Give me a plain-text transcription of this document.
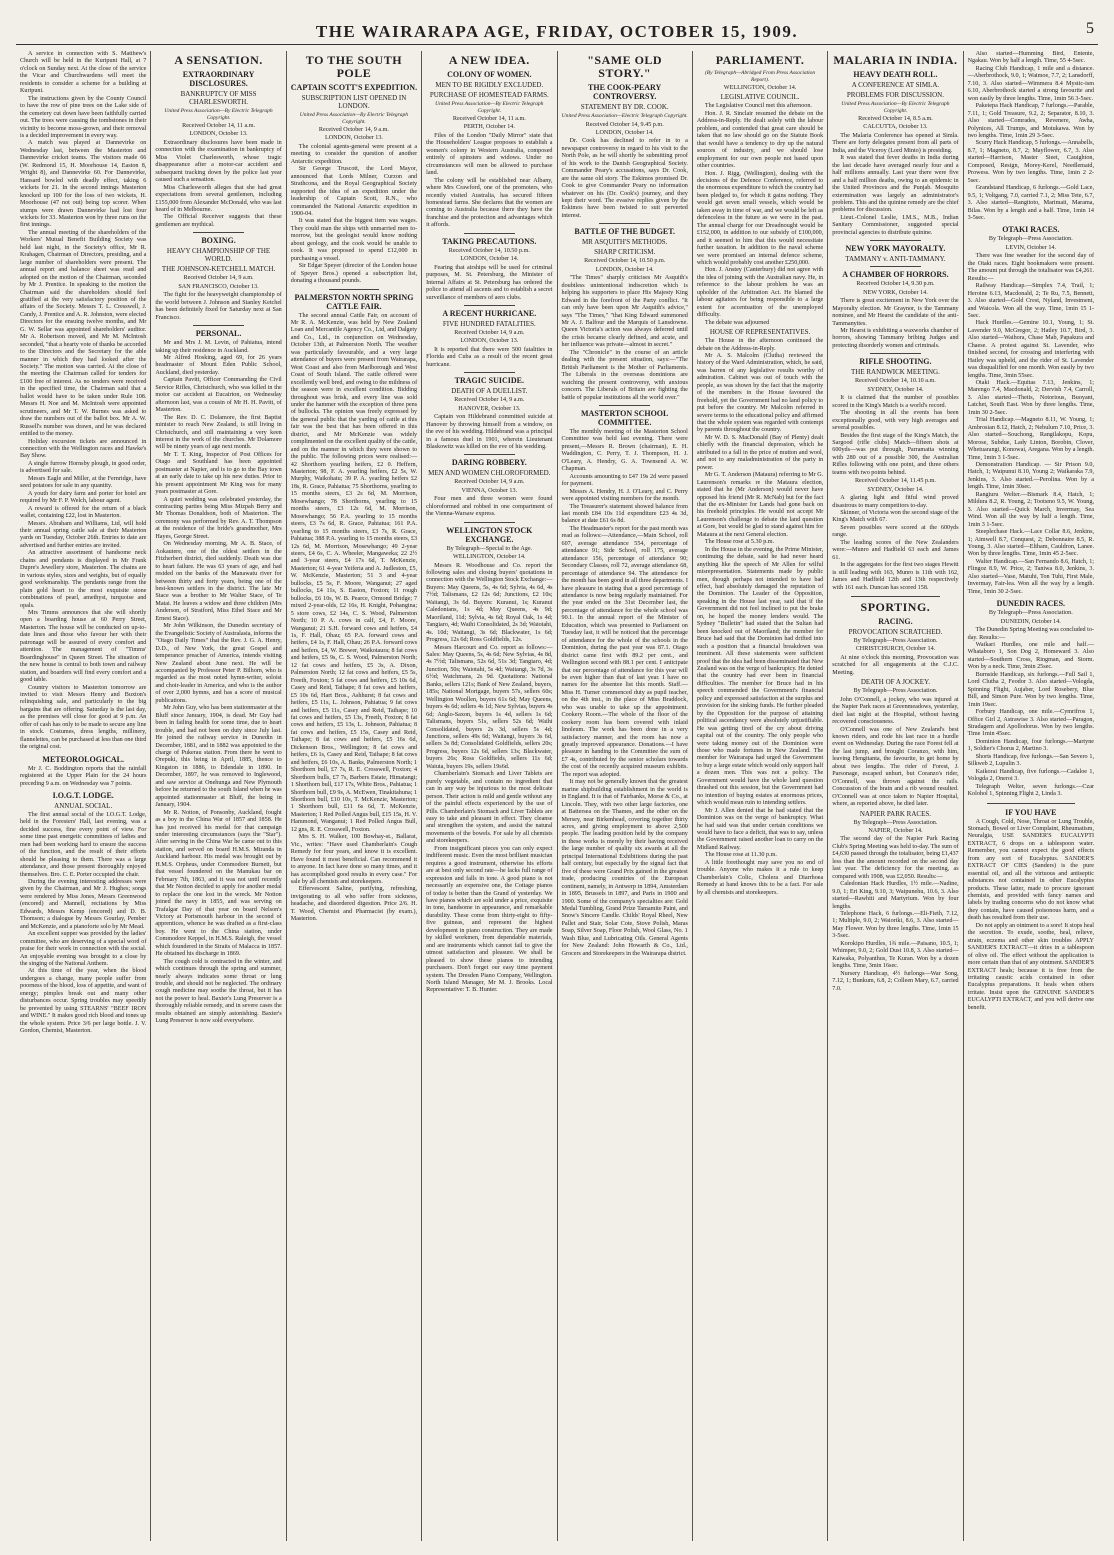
THE WAIRARAPA AGE, FRIDAY, OCTOBER 15, 1909.	5

A service in connection with S. Matthew's Church will be held in the Kuripuni Hall, at 7 o'clock on Sunday next. At the close of the service the Vicar and Churchwardens will meet the residents to consider a scheme for a building at Kuripuni.

The instructions given by the County Council to have the row of pine trees on the Lake side of the cemetery cut down have been faithfully carried out. The trees were causing the tombstones in their vicinity to become moss-grown, and their removal is a decided improvement in every way.

A match was played at Dannevirke on Wednesday last, between the Masterton and Dannevirke cricket teams. The visitors made 66 (W. Redmond 15, H. Moorhouse 14, Easton 8, Wright 8), and Dannevirke 60. For Dannevirke, Hansard bowled with deadly effect, taking 6 wickets for 21. In the second innings Masterton knocked up 100 for the loss of two wickets, H. Moorhouse (47 not out) being top scorer. When stumps were drawn Dannevirke had lost four wickets for 33. Masterton won by three runs on the first innings.

The annual meeting of the shareholders of the Workers' Mutual Benefit Building Society was held last night, in the Society's office, Mr R. Krahagen, Chairman of Directors, presiding, and a large number of shareholders were present. The annual report and balance sheet was read and adopted on the motion of the Chairman, seconded by Mr J. Prentice. In speaking to the motion the Chairman said the shareholders should feel gratified at the very satisfactory position of the affairs of the Society. Messrs T. L. Cresswell, J. Candy, J. Prentice and A. R. Johnston, were elected Directors for the ensuing twelve months, and Mr G. W. Sellar was appointed shareholders' auditor. Mr A. Robertson moved, and Mr M. McIntosh seconded, "that a hearty vote of thanks be accorded to the Directors and the Secretary for the able manner in which they had looked after the Society." The motion was carried. At the close of the meeting the Chairman called for tenders for £100 free of interest. As no tenders were received in the specified time, the Chairman said that a ballot would have to be taken under Rule 108. Messrs H. Noe and M. McIntosh were appointed scrutineers, and Mr T. W. Burnes was asked to draw the numbers out of the ballot box. Mr A. W. Russell's number was drawn, and he was declared entitled to the money.

Holiday excursion tickets are announced in connection with the Wellington races and Hawke's Bay Show.

A single furrow Hornsby plough, in good order, is advertised for sale.

Messrs Eagle and Miller, at the Fernridge, have seed potatoes for sale in any quantity.

A youth for dairy farm and porter for hotel are required by Mr F. P. Welch, labour agent.

A reward is offered for the return of a black wallet, containing £22, lost in Masterton.

Messrs. Abraham and Williams, Ltd, will hold their annual spring cattle sale at their Masterton yards on Tuesday, October 26th. Entries to date are advertised and further entries are invited.

An attractive assortment of handsome neck chains and pendants is displayed in Mr Frank Dupre's Jewellery store, Masterton. The chains are in various styles, sizes and weights, but of equally good workmanship. The pendants range from the plain gold heart to the most exquisite stone combinations of pearl, amethyst, turquoise and opals.

Mrs Timms announces that she will shortly open a boarding house at 60 Perry Street, Masterton. The house will be conducted on up-to-date lines and those who favour her with their patronage will be assured of every comfort and attention. The management of "Timms' Boardinghouse" in Queen Street. The situation of the new house is central to both town and railway station, and boarders will find every comfort and a good table.

Country visitors to Masterton tomorrow are invited to visit Messrs Henry and Buxton's relinquishing sale, and particularly to the big bargains that are offering. Saturday is the last day, as the premises will close for good at 9 p.m. An offer of cash has only to be made to secure any line in stock. Costumes, dress lengths, millinery, flannelettes, can be purchased at less than one third the original cost.

METEOROLOGICAL.

Mr J. C. Boddington reports that the rainfall registered at the Upper Plain for the 24 hours preceding 9 a.m. on Wednesday was 7 points.

I.O.G.T. LODGE.
ANNUAL SOCIAL.

The first annual social of the I.O.G.T. Lodge, held in the Foresters' Hall, last evening, was a decided success, fine every point of view. For some time past energetic committees of ladies and men had been working hard to ensure the success of the function, and the result of their efforts should be pleasing to them. There was a large attendance, and those present thoroughly enjoyed themselves. Bro. C. E. Porter occupied the chair.

During the evening interesting addresses were given by the Chairman, and Mr J. Hughes; songs were rendered by Miss Jones, Messrs Greenwood (encored) and Mannell, recitations by Miss Edwards, Messrs Kemp (encored) and D. B. Thomson; a dialogue by Messrs Gourlay, Pember and McKenzie, and a pianoforte solo by Mr Mead.

An excellent supper was provided by the ladies' committee, who are deserving of a special word of praise for their work in connection with the social. An enjoyable evening was brought to a close by the singing of the National Anthem.

At this time of the year, when the blood undergoes a change, many people suffer from poorness of the blood, loss of appetite, and want of energy; pimples break out and many other disturbances occur. Spring troubles may speedily be prevented by using STEARNS' "BEEF IRON and WINE." It makes good rich blood and tones up the whole system. Price 3/6 per large bottle. J. V. Gordon, Chemist, Masterton.

A SENSATION.
EXTRAORDINARY DISCLOSURES.
BANKRUPTCY OF MISS CHARLESWORTH.
United Press Association—By Electric Telegraph Copyright.
Received October 14, 11 a.m.
LONDON, October 13.

Extraordinary disclosures have been made in connection with the examination in bankruptcy of Miss Violet Charlesworth, whose tragic disappearance after a motor-car accident and subsequent tracking down by the police last year caused such a sensation.

Miss Charlesworth alleges that she had great expectations from several gentlemen, including £155,000 from Alexander McDonald, who was last heard of in Melbourne.

The Official Receiver suggests that these gentlemen are mythical.

BOXING.
HEAVY CHAMPIONSHIP OF THE WORLD.
THE JOHNSON-KETCHELL MATCH.
Received October 14, 9 a.m.
SAN FRANCISCO, October 13.

The fight for the heavyweight championship of the world between J. Johnson and Stanley Ketchel has been definitely fixed for Saturday next at San Francisco.

PERSONAL.

Mr and Mrs J. M. Levin, of Pahiatua, intend taking up their residence in Auckland.

Mr Alfred Hosking, aged 69, for 26 years headmaster of Mount Eden Public School, Auckland, died yesterday.

Captain Pavitt, Officer Commanding the Civil Service Rifles, Christchurch, who was killed in the motor car accident at Eucairton, on Wednesday afternoon last, was a cousin of Mr H. H. Pavitt, of Masterton.

The Rev. D. C. Dolamore, the first Baptist minister to reach New Zealand, is still living in Christchurch, and still maintaining a very keen interest in the work of the churches. Mr Dolamore will be ninety years of age next month.

Mr T. T. King, Inspector of Post Offices for Otago and Southland has been appointed postmaster at Napier, and is to go to the Bay town at an early date to take up his new duties. Prior to his present appointment Mr King was for many years postmaster at Gore.

A quiet wedding was celebrated yesterday, the contracting parties being Miss Mizpah Berry and Mr Thomas Donaldson, both of Masterton. The ceremony was performed by Rev. A. T. Thompson at the residence of the bride's grandmother, Mrs Hayes, George Street.

On Wednesday morning, Mr A. B. Stace, of Aokautere, one of the oldest settlers in the Fitzherbert district, died suddenly. Death was due to heart failure. He was 63 years of age, and had resided on the banks of the Manawatu river for between thirty and forty years, being one of the best-known settlers in the district. The late Mr Stace was a brother to Mr Walter Stace, of Te Matai. He leaves a widow and three children (Mrs Anderson, of Stratford, Miss Ethel Stace and Mr Ernest Stace).

Mr John Wilkinson, the Dunedin secretary of the Evangelistic Society of Australasia, informs the "Otago Daily Times" that the Rev. J. G. A. Henry, D.D., of New York, the great Gospel and temperance preacher of America, intends visiting New Zealand about June next. He will be accompanied by Professor Peter P. Bilhorn, who is regarded as the most noted hymn-writer, soloist and choir-leader in America, and who is the author of over 2,000 hymns, and has a score of musical publications.

Mr John Guy, who has been stationmaster at the Bluff since January, 1904, is dead. Mr Guy had been in failing health for some time, due to heart trouble, and had not been on duty since July last. He joined the railway service in Dunedin in December, 1881, and in 1882 was appointed to the charge of Pukerau station. From there he went to Orepuki, this being in April, 1885, thence to Kingston in 1886, to Edendale in 1890. In December, 1897, he was removed to Inglewood, and saw service at Onehunga and New Plymouth before he returned to the south Island when he was appointed stationmaster at Bluff, the being in January, 1904.

Mr R. Notton, of Ponsonby, Auckland, fought as a boy in the China War of 1857 and 1858. He has just received his medal for that campaign under interesting circumstances (says the "Star"). After serving in the China War he came out to this station, and served on board H.M.S. Miranda in Auckland harbour. His medal was brought out by H.M.S. Orpheus, under Commodore Burnett, but that vessel foundered on the Manukau bar on February 7th, 1863, and it was not until recently that Mr Notton decided to apply for another medal to replace the one lost in the wreck. Mr Notton joined the navy in 1855, and was serving on Trafalgar Day of that year on board Nelson's Victory at Portsmouth harbour in the second of apprentices, whence he was drafted as a first-class boy. He went to the China station, under Commodore Keppel, in H.M.S. Raleigh, the vessel which foundered in the Straits of Malacca in 1857. He obtained his discharge in 1869.

The cough cold is contracted in the winter, and which continues through the spring and summer, nearly always indicates some throat or lung trouble, and should not be neglected. The ordinary cough medicine may soothe the throat, but it has not the power to heal. Baxter's Lung Preserver is a thoroughly reliable remedy, and in severe cases the results obtained are simply astonishing. Baxter's Lung Preserver is now sold everywhere.

TO THE SOUTH POLE
CAPTAIN SCOTT'S EXPEDITION.
SUBSCRIPTION LIST OPENED IN LONDON.
United Press Association—By Electric Telegraph Copyright.
Received October 14, 9 a.m.
LONDON, October 13.

The colonial agents-general were present at a meeting to consider the question of another Antarctic expedition.

Sir George Truscott, the Lord Mayor, announced that Lords Milner, Curzon and Strathcona, and the Royal Geographical Society supported the idea of an expedition under the leadership of Captain Scott, R.N., who commanded the National Antarctic expedition in 1900-04.

It was stated that the biggest item was wages. They could man the ships with unmarried men to-morrow, but the geologist would know nothing about geology, and the cook would be unable to cook. It was proposed to spend £12,000 in purchasing a vessel.

Sir Edgar Speyer (director of the London house of Speyer Bros.) opened a subscription list, donating a thousand pounds.

PALMERSTON NORTH SPRING CATTLE FAIR.

The second annual Cattle Fair, on account of Mr R. A. McKenzie, was held by New Zealand Loan and Mercantile Agency Co., Ltd, and Dalgety and Co., Ltd., in conjunction on Wednesday, October 13th, at Palmerston North. The weather was particularly favourable, and a very large attendance of buyers were present from Wairarapa, West Coast and also from Marlborough and West Coast of South Island. The cattle offered were excellently well bred, and owing to the mildness of the season were in excellent condition. Bidding throughout was brisk, and every line was sold under the hammer with the exception of three pens of bullocks. The opinion was freely expressed by the general public that the yarding of cattle at this fair was the best that has been offered in this district, and Mr McKenzie was widely complimented on the excellent quality of the cattle, and on the manner in which they were shown to the public. The following prices were realised:—42 Shorthorn yearling heifers, £2 0. Heffern, Masterton; 98, F. A. yearling heifers, £2 5s, W. Murphy, Waikohatu; 39 P. A. yearling heifers £2 18s, R. Grace, Pahiatua; 75 Shorthorns, yearling to 15 months steers, £3 2s 6d, M. Morrison, Mosewhango; 78 Shorthorns, yearling to 15 months steers, £3 12s 6d, M. Morrison, Mosewhango; 56 P.A. yearling to 15 months steers, £3 7s 6d, R. Grace, Pahiatua; 161 P.A. yearling to 15 months steers, £3 7s, R. Grace, Pahiatua; 388 P.A. yearling to 15 months steers, £3 12s 6d, M. Morrison, Mosewhango; 49 2-year steers, £4 6s, C. A. Wheeler, Mangaweka; 22 2½ and 3-year steers, £4 17s 6d, T. McKenzie, Masterton; 61 4-year Yeiferia and A. Judleston, £5, W. McKenzie, Masterton; 51 3 and 4-year bullocks, £5 5s, F. Moore, Wanganui; 27 aged bullocks, £4 11s, S. Easton, Foxton; 11 rough bullocks, £6 10s, W. B. Pearce, Ormond Bridge; 7 mixed 2-year-olds, £2 16s, H. Knight, Pohangina; 5 store cows, £2 14s, C. S. Wood, Palmerston North; 10 P. A. cows in calf, £4, F. Moore, Wanganui; 21 S.H. forward cows and heifers, £4 1s, F. Hall, Ohau; 65 P.A. forward cows and heifers, £4 1s, F. Hall, Ohau; 26 P.A. forward cows and heifers, £4, W. Brewer, Waikotaura; 8 fat cows and heifers, £5 9s, C. S. Wood, Palmerston North; 12 fat cows and heifers, £5 3s, A. Dixon, Palmerston North; 12 fat cows and heifers, £5 5s, Freeth, Foxton; 5 fat cows and heifers, £5 10s 6d, Casey and Reid, Taihape; 8 fat cows and heifers, £5 10s 6d, Hart Bros., Ashhurst; 8 fat cows and heifers, £5 11s, L. Johnson, Pahiatua; 9 fat cows and heifers, £5 11s, Casey and Reid, Taihape; 10 fat cows and heifers, £5 13s, Freeth, Foxton; 8 fat cows and heifers, £5 13s, L. Johnson, Pahiatua; 8 fat cows and heifers, £5 15s, Casey and Reid, Taihape; 8 fat cows and heifers, £5 16s 6d, Dickenson Bros., Wellington; 8 fat cows and heifers, £6 1s, Casey and Reid, Taihape; 8 fat cows and heifers, £6 10s, A. Banks, Palmerston North; 1 Shorthorn bull, £7 7s, R. E. Crosswell, Foxton; 4 Shorthorn bulls, £7 7s, Barbers Estate, Himatangi; 1 Shorthorn bull, £17 17s, White Bros., Pahiatua; 1 Shorthorn bull, £9 9s, A. McEwen, Tinakitahuna; 1 Shorthorn bull, £10 10s, T. McKenzie, Masterton; 1 Shorthorn bull, £11 6s 6d, T. McKenzie, Masterton; 1 Red Polled Angus bull, £15 15s, H. V. Hammond, Wanganui; 1 Red Polled Angus Bull, 12 gns, R. E. Crosswell, Foxton.

Mrs S. H. Walker, 100 Bowhay-st., Ballarat, Vic., writes: "Have used Chamberlain's Cough Remedy for four years, and know it is excellent. Have found it most beneficial. Can recommend it to anyone. In fact have done so many times, and it has accomplished good results in every case." For sale by all chemists and storekeepers.

Effervescent Saline, purifying, refreshing, invigorating to all who suffer from sickness, headache, and disordered digestion. Price 2/6. H. T. Wood, Chemist and Pharmacist (by exam.), Masterton.

A NEW IDEA.
COLONY OF WOMEN.
MEN TO BE RIGIDLY EXCLUDED.
PURCHASE OF HOMESTEAD FARMS.
United Press Association—By Electric Telegraph Copyright.
Received October 14, 11 a.m.
PERTH, October 14.

Files of the London "Daily Mirror" state that the Householders' League proposes to establish a women's colony in Western Australia, composed entirely of spinsters and widows. Under no circumstances will men be allowed to purchase land.

The colony will be established near Albany, where Mrs Crawford, one of the promoters, who recently visited Australia, has secured fifteen homestead farms. She declares that the women are coming to Australia because there they have the franchise and the protection and advantages which it affords.

TAKING PRECAUTIONS.
Received October 14, 10.50 p.m.
LONDON, October 14.

Fearing that airships will be used for criminal purposes, M. St. Petersburg, the Minister of Internal Affairs at St. Petersburg has ordered the police to attend all ascents and to establish a secret surveillance of members of aero clubs.

A RECENT HURRICANE.
FIVE HUNDRED FATALITIES.
Received October 14, 9 a.m.
LONDON, October 13.

It is reported that there were 500 fatalities in Florida and Cuba as a result of the recent great hurricane.

TRAGIC SUICIDE.
DEATH OF A DUELLIST.
Received October 14, 9 a.m.
HANOVER, October 13.

Captain von Hildebrand committed suicide at Hanover by throwing himself from a window, on the eve of his wedding. Hildebrand was a principal in a famous duel in 1901, wherein Lieutenant Blaskowitz was killed on the eve of his wedding.

DARING ROBBERY.
MEN AND WOMEN CHLOROFORMED.
Received October 14, 9 a.m.
VIENNA, October 13.

Four men and three women were found chloroformed and robbed in one compartment of the Vienna-Warsaw express.

WELLINGTON STOCK EXCHANGE.
By Telegraph—Special to the Age.
WELLINGTON, October 14.

Messrs R. Woodhouse and Co. report the following sales and closing buyers' quotations in connection with the Wellington Stock Exchange:—Buyers: May Queens, 5s, 4s 6d; Sylvia, 4s 6d, 4s 7½d; Talismans, £2 12s 6d; Junctions, £2 10s; Waitangi, 3s 6d. Buyers: Kuranui, 1s; Kuranui Caledonians, 1s 4d; May Queens, 4s 9d; Maoriland, 11d; Sylvia, 4s 6d; Royal Oak, 1s 4d; Tangiaro, 4d; Waihi Consolidated, 2s 3d; Waiotahi, 4s. 10d; Waitangi, 3s 6d; Blackwater, 1s 6d; Progress, 12s 6d; Ross Goldfields, 12s.

Messrs Harcourt and Co. report as follows:—Sales: May Queens, 5s, 4s 6d; New Sylvias, 4s 8d, 4s 7½d; Talismans, 52s 6d, 51s 3d; Tangiaro, 4d; Junction, 50s; Waiotahi, 5s 4d; Waitangi, 3s 7d, 3s 6½d; Watchmans, 2s 9d. Quotations: National Banks, sellers 121s; Bank of New Zealand, buyers, 185s; National Mortgage, buyers 57s, sellers 60s; Wellington Woollen, buyers 61s 6d; May Queens, buyers 4s 6d; sellers 4s 1d; New Sylvias, buyers 4s 6d; Anglo-Saxon, buyers 1s 4d, sellers 1s 6d; Talismans, buyers 51s, sellers 52s 6d; Waihi Consolidated, buyers 2s 3d, sellers 5s 4d; Junctions, sellers 49s 6d; Waitangi, buyers 3s 6d, sellers 3s 8d; Consolidated Goldfields, sellers 20s; Progress, buyers 12s 6d, sellers 13s; Blackwater, buyers 26s; Ross Goldfields, sellers 11s 6d; Waiuta, buyers 19s, sellers 19s6d.

Chamberlain's Stomach and Liver Tablets are purely vegetable, and contain no ingredient that can in any way be injurious to the most delicate person. Their action is mild and gentle without any of the painful effects experienced by the use of Pills. Chamberlain's Stomach and Liver Tablets are easy to take and pleasant in effect. They cleanse and strengthen the system, and assist the natural movements of the bowels. For sale by all chemists and storekeepers.

From insignificant pieces you can only expect indifferent music. Even the most brilliant musician requires a good instrument, otherwise his efforts are at best only second rate—he lacks full range of expression and falls in tone. A good piano is not necessarily an expensive one, the Cottage pianos of today is better than the Grand of yesterday. We have pianos which are sold under a price, exquisite in tone, handsome in appearance, and remarkable durability. These come from thirty-eight to fifty-five guineas, and represent the highest development in piano construction. They are made by skilled workmen, from dependable materials, and are instruments which cannot fail to give the utmost satisfaction and pleasure. We shall be pleased to show these pianos to intending purchasers. Don't forget our easy time payment system. The Dresden Piano Company, Wellington. North Island Manager, Mr M. J. Brooks. Local Representative: T. B. Hunter.

"SAME OLD STORY."
THE COOK-PEARY CONTROVERSY.
STATEMENT BY DR. COOK.
United Press Association—Electric Telegraph Copyright.
Received October 14, 9.45 p.m.
LONDON, October 14.

Dr. Cook has declined to refer in to a newspaper controversy in regard to his visit to the North Pole, as he will shortly be submitting proof of his work to the Danish Geographical Society. Commander Peary's accusations, says Dr. Cook, are the same old story. The Eskimos promised Dr. Cook to give Commander Peary no information whatever on his (Dr. Cook's) journey, and they kept their word. The evasive replies given by the Eskimos have been twisted to suit perverted interest.

BATTLE OF THE BUDGET.
MR ASQUITH'S METHODS.
SHARP CRITICISM.
Received October 14, 10.50 p.m.
LONDON, October 14.

"The Times" sharply criticises Mr Asquith's doubtless unintentional indiscretion which is helping his supporters to place His Majesty King Edward in the forefront of the Party conflict. "It can only have been upon Mr Asquith's advice," says "The Times," "that King Edward summoned Mr A. J. Balfour and the Marquis of Lansdowne. Queen Victoria's action was always deferred until the crisis became clearly defined, and acute, and her influence was private—almost in secret."

The "Chronicle" in the course of an article dealing with the present situation, says:—"The British Parliament is the Mother of Parliaments. The Liberals in the overseas dominions are watching the present controversy, with anxious concern. The Liberals of Britain are fighting the battle of popular institutions all the world over."

MASTERTON SCHOOL COMMITTEE.

The monthly meeting of the Masterton School Committee was held last evening. There were present,—Messrs R. Brown (chairman), E. H. Waddington, C. Perry, T. J. Thompson, H. J. O'Leary, A. Hendry, G. A. Townsend A. W. Chapman.

Accounts amounting to £47 19s 2d were passed for payment.

Messrs A. Hendry, H. J. O'Leary, and C. Perry were appointed visiting members for the month.

The Treasurer's statement showed balance from last month £84 10s 11d expenditure £23 4s 3d, balance at date £61 6s 8d.

The Headmaster's report for the past month was read as follows:—Attendance,—Main School, roll 607, average attendance 554, percentage of attendance 91; Side School, roll 175, average attendance 156, percentage of attendance 90; Secondary Classes, roll 72, average attendance 68, percentage of attendance 94. The attendance for the month has been good in all three departments. I have pleasure in stating that a good percentage of attendance is now being regularly maintained. For the year ended on the 31st December last, the percentage of attendance for the whole school was 90.1. In the annual report of the Minister of Education, which was presented to Parliament on Tuesday last, it will be noticed that the percentage of attendance for the whole of the schools in the Dominion, during the past year was 87.1. Otago district came first with 89.2 per cent., and Wellington second with 88.1 per cent. I anticipate that our percentage of attendance for this year will be even higher than that of last year. I have no names for the absentee list this month. Staff.—Miss H. Turner commenced duty as pupil teacher, on the 4th inst., in the place of Miss Braddock, who was unable to take up the appointment. Cookery Room.—The whole of the floor of the cookery room has been covered with inlaid linoleum. The work has been done in a very satisfactory manner, and the room has now a greatly improved appearance. Donations.—I have pleasure in handing to the Committee the sum of £7 4s, contributed by the senior scholars towards the cost of the recently acquired museum exhibits. The report was adopted.

It may not be generally known that the greatest marine shipbuilding establishment in the world is in England. It is that of Fairbanks, Morse & Co., at Lincoln. They, with two other large factories, one at Battersea on the Thames, and the other on the Mersey, near Birkenhead, covering together thirty acres, and giving employment to above 2,500 people. The leading position held by the company in these works is merely by their having received the large number of quality six awards at all the principal International Exhibitions during the past half century, but especially by the signal fact that five of these were Grand Prix gained in the greatest trade, producing countries of the European continent, namely, in Antwerp in 1894, Amsterdam in 1895, Brussels in 1897, and Paris in 1900 and 1900. Some of the company's specialties are: Gold Medal Tumbling, Grand Prize Tamamite Paint, and Snow's Sincere Candle. Childs' Royal Rheel, New Pallet and Stair, Solar Cote, Stove Polish, Maras Soap, Silver Soap, Floor Polish, Wool Glass, No. 1 Wash Blue, and Lubricating Oils. General Agents for New Zealand: John Howarth & Co., Ltd., Grocers and Storekeepers in the Wairarapa district.

PARLIAMENT.
(By Telegraph—Abridged From Press Association Report).
WELLINGTON, October 14.
LEGISLATIVE COUNCIL.

The Legislative Council met this afternoon.

Hon. J. R. Sinclair resumed the debate on the Address-in-Reply. He dealt solely with the labour problem, and contended that great care should be taken that no law should go on the Statute Book that would have a tendency to dry up the natural sources of industry, and we should lose employment for our own people not based upon other countries.

Hon. J. Rigg, (Wellington), dealing with the decisions of the Defence Conference, referred to the enormous expenditure to which the country had been pledged to, for which it gains nothing. They would get seven small vessels, which would be taken away in time of war, and we would be left as defenceless in the future as we were in the past. The annual charge for our Dreadnought would be £152,000, in addition to our subsidy of £100,000, and it seemed to him that this would necessitate further taxation. In addition to the naval scheme we were promised an internal defence scheme, which would probably cost another £250,000.

Hon. J. Anstey (Canterbury) did not agree with the idea of joining with the Australian navy. He, in reference to the labour problem he was an upholder of the Arbitration Act. He blamed the labour agitators for being responsible to a large extent for accentuation of the unemployed difficulty.

The debate was adjourned

HOUSE OF REPRESENTATIVES.

The House in the afternoon continued the debate on the Address-in-Reply.

Mr A. S. Malcolm (Clutha) reviewed the history of the Ward Administration, which, he said, was barren of any legislative results worthy of admiration. Cabinet was out of touch with the people, as was shown by the fact that the majority of the members in the House favoured the freehold, yet the Government had no land policy to put before the country. Mr Malcolm referred in severe terms to the educational policy and affirmed that the whole system was regarded with contempt by parents throughout the country.

Mr W. D. S. MacDonald (Bay of Plenty) dealt chiefly with the financial depression, which he attributed to a fall in the price of mutton and wool, and not to any maladministration of the party in power.

Mr G. T. Anderson (Mataura) referring to Mr G. Laurenson's remarks re the Mataura election, stated that he (Mr Anderson) would never have opposed his friend (Mr R. McNab) but for the fact that the ex-Minister for Lands had gone back on his freehold principles. He would not accept Mr Laurenson's challenge to debate the land question at Gore, but would be glad to stand against him for Mataura at the next General election.

The House rose at 5.30 p.m.

In the House in the evening, the Prime Minister, continuing the debate, said he had never heard anything like the speech of Mr Allen for wilful misrepresentation. Statements made by public men, though perhaps not intended to have bad effect, had absolutely damaged the reputation of the Dominion. The Leader of the Opposition, speaking in the House last year, said that if the Government did not feel inclined to put the brake on, he hoped the money lenders would. The Sydney "Bulletin" had stated that the Sultan had been knocked out of Maoriland; the member for Bruce had said that the Dominion had drifted into such a position that a financial breakdown was imminent. All these statements were sufficient proof that the idea had been disseminated that New Zealand was on the verge of bankruptcy. He denied that the country had ever been in financial difficulties. The member for Bruce had in his speech commended the Government's financial policy and expressed satisfaction at the surplus and provision for the sinking funds. He further pleaded by the Opposition for the purpose of attaining political ascendancy were absolutely unjustifiable. He was getting tired of the cry about driving capital out of the country. The only people who were taking money out of the Dominion were those who made fortunes in New Zealand. The member for Wairarapa had urged the Government to buy a large estate which would only support half a dozen men. This was not a policy. The Government would have the whole land question thrashed out this session, but the Government had no intention of buying estates at enormous prices, which would mean ruin to intending settlers.

Mr J. Allen denied that he had stated that the Dominion was on the verge of bankruptcy. What he had said was that under certain conditions we would have to face a deficit, that was to say, unless the Government raised another loan to carry on the Midland Railway.

The House rose at 11.30 p.m.

A little forethought may save you no end of trouble. Anyone who makes it a rule to keep Chamberlain's Colic, Cholera and Diarrhoea Remedy at hand knows this to be a fact. For sale by all chemists and storekeepers.

MALARIA IN INDIA.
HEAVY DEATH ROLL.
A CONFERENCE AT SIMLA.
PROBLEMS FOR DISCUSSION.
United Press Association—By Electric Telegraph Copyright.
Received October 14, 8.5 a.m.
CALCUTTA, October 13.

The Malaria Conference has opened at Simla. There are forty delegates present from all parts of India, and the Viceroy (Lord Minto) is presiding.

It was stated that fever deaths in India during the last decade have averaged nearly four and a half millions annually. Last year there were five and a half million deaths, owing to an epidemic in the United Provinces and the Punjab. Mosquito extermination was largely an administrator's problem. This and the quinine remedy are the chief problems for discussion.

Lieut.-Colonel Leslie, I.M.S., M.B., Indian Sanitary Commissioner, suggested special provincial agencies to distribute quinine.

NEW YORK MAYORALTY.
TAMMANY v. ANTI-TAMMANY.
A CHAMBER OF HORRORS.
Received October 14, 9.30 p.m.
NEW YORK, October 14.

There is great excitement in New York over the Mayoralty election. Mr Graynor, is the Tammany nominee, and Mr Hearst the candidate of the anti-Tammanyites.

Mr Hearst is exhibiting a waxworks chamber of horrors, showing Tammany bribing Judges and protecting disorderly women and criminals.

RIFLE SHOOTING.
THE RANDWICK MEETING.
Received October 14, 10.10 a.m.
SYDNEY, October 14.

It is claimed that the number of possibles scored in the King's Match is a world's record.

The shooting in all the events has been exceptionally good, with very high averages and several possibles.

Besides the first stage of the King's Match, the Sargood (rifle clubs) Match—fifteen shots at 600yds—was put through, Parramatta winning with 280 out of a possible 300, the Australian Rifles following with one point, and three others teams with two points behind.

Received October 14, 11.45 p.m.
SYDNEY, October 14.

A glaring light and fitful wind proved disastrous to many competitors to-day.

Skinner, of Victoria won the second stage of the King's Match with 67.

Seven possibles were scored at the 600yds range.

The leading scores of the New Zealanders were:—Munro and Hadfield 63 each and James 61.

In the aggregates for the first two stages Hewitt is still leading with 163, Munro is 11th with 162, James and Hadfield 12th and 13th respectively with 161 each. Duncan has scored 158.

SPORTING.
RACING.
PROVOCATION SCRATCHED.
By Telegraph—Press Association.
CHRISTCHURCH, October 14.

At nine o'clock this morning, Provocation was scratched for all engagements at the C.J.C. Meeting.

DEATH OF A JOCKEY.
By Telegraph—Press Association.

John O'Connell, a jockey, who was injured at the Napier Park races at Greenmeadows, yesterday, died last night at the Hospital, without having recovered consciousness.

O'Connell was one of New Zealand's best known riders, and rode his last race in a hurdle event on Wednesday. During the race Forest fell at the last jump, and brought Coranzo, with him, leaving Hengitanta, the favourite, to get home by about two lengths. The rider of Forest, J. Parsonage, escaped unhurt, but Coranzo's rider, O'Connell, was thrown against the rails. Concussion of the brain and a rib wound resulted. O'Connell was at once taken to Napier Hospital, where, as reported above, he died later.

NAPIER PARK RACES.
By Telegraph—Press Association.
NAPIER, October 14.

The second day of the Napier Park Racing Club's Spring Meeting was held to-day. The sum of £4,630 passed through the totalisator, being £1,437 less than the amount recorded on the second day last year. The deficiency for the meeting, as compared with 1908, was £2,050. Results:—

Caledonian Hack Hurdles, 1½ mile.—Nadine, 9.0, 1; Eri King, 9.10, 3; Waipunehu, 10.6, 3. Also started—Rawhiti and Martyrium. Won by four lengths.

Telephone Hack, 6 furlongs.—Eli-Fieth, 7.12, 1; Multiple, 9.0, 2; Waioriki, 8.6, 3. Also started—May Flower. Won by three lengths. Time, 1min 15 3-5sec.

Korokipo Hurdles, 1¾ mile.—Paisano, 10.5, 1; Whimper, 9.0, 2; Gold Dust 10.8, 3. Also started—Kaiwaka, Polyanthus, Te Kuran. Won by a dozen lengths. Time, 3min 16sec.

Nursery Handicap, 4½ furlongs—War Song, 7.12, 1; Bunkum, 6.8, 2; Colleen Mary, 6.7, carried 7.0.

Also started—Humming Bird, Entente, Ngakau. Won by half a length. Time, 55 4-5sec.

Racing Club Handicap, 1 mile and a distance.—Aberbrothock, 9.0, 1; Waimoe, 7.7, 2; Lansdorff, 7.10, 3. Also started—Wimmera 8.4 Mystic-ism 6.10, Aberbrothock started a strong favourite and won easily by three lengths. Time, 1min 56 3-5sec.

Pakeiepa Hack Handicap, 7 furlongs.—Parable, 7.11, 1; Gold Treasure, 9.2, 2; Separator, 8.10, 3. Also started—Comrades, Revenere, Awha, Polynices, All Trumps, and Motukawa. Won by two lengths. Time, 1min 29 3-5sec.

Scurry Hack Handicap, 5 furlongs.—Annabells, 8.7, 1; Magneto, 8.7, 2; Mayflower, 6.7, 3. Also started—Harrison, Master Sieet, Cauighton, Composed, Resign, Morey-Kerel, Needlemaid, Prowess. Won by two lengths. Time, 1min 2 2-5sec.

Grandstand Handicap, 6 furlongs.—Gold Lace, 9.5, 1; Voltgang, 7.0, carried 7.1, 2; Miss Tete, 6.7, 3. Also started—Rangitoto, Marimaii, Marama, Bilas. Won by a length and a half. Time, 1min 14 3-5sec.

OTAKI RACES.
By Telegraph—Press Association.
LEVIN, October 14.

There was fine weather for the second day of the Otaki races. Eight bookmakers were present. The amount put through the totalisator was £4,261. Results:—

Railway Handicap.—Simplex 7.4, Trail, 1; Heroine 6.13, Macdonald, 2; Te Ru, 7.5, Bennett, 3. Also started—Gold Crest, Nyland, Investment, and Waicola. Won all the way. Time, 1min 15 1-5sec.

Hack Hurdles.—Gemine 10.1, Young, 1; St. Lavender 9.0, McGregor, 2; Hatley 10.7, Bird, 3. Also started—Waihora, Chase Mab, Papakura and Chaese. A protest against St. Lavender, who finished second, for crossing and interfering with Hatley was upheld, and the rider of St. Lavender was disqualified for one month. Won easily by two lengths. Time, 3min 55sec.

Otaki Hack.—Equitas 7.13, Jenkins, 1; Marengo 7.4, Macdonald, 2; Dervish 7.4, Carroll, 3. Also started—Thetis, Notorious, Buoyant, Latchet, South East. Won by three lengths. Time, 1min 30 2-5sec.

Trial Handicap.—Magneto 8.11, W. Young, 1; Ambrosian 8.12, Hatch, 2; Nebulum 7.10, Price, 3. Also started—Souchong, Rangilakopu, Kopu, Morose, Subdue, Lady Linton, Borobin, Clover, Whetuarangi, Konowai, Aregana. Won by a length. Time, 1min 3 1-5sec.

Demonstration Handicap. — Sir Prison 9.0, Hatch, 1; Waipunui 8.10, Young 2; Waikaraka 7.9, Jenkins, 3. Also started.—Perolina. Won by a length. Time, 1min 30sec.

Rangiuru Welter.—Bismark 8.4, Hatch, 1; Mildura 8.2, R. Young, 2; Tootsmo 9.5, W. Young, 3. Also started—Quick March, Invermay, Sea Wind. Won all the way by half a length. Time, 1min 3 1-5sec.

Steeplechase Hack.—Lace Collar 8.6, Jenkins, 1; Aimwell 8.7, Conquest, 2; Debonnaire 8.5, R. Young, 3. Also started—Eltham, Cauldron, Lanee. Won by three lengths. Time, 1min 45 2-5sec.

Walter Handicap.—San Fernando 8.6, Hatch, 1; Flingoz 8.9, W. Price, 2; Taniwa 8.0, Jenkins, 3. Also started—Vase, Matuhi, Ton Tuhi, First Male, Invermay, Fair-lea. Won all the way by a length. Time, 1min 30 2-5sec.

DUNEDIN RACES.
By Telegraph—Press Association.
DUNEDIN, October 14.

The Dunedin Spring Meeting was concluded to-day. Results:—

Waikari Hurdles, one mile and half.—Whataboro 1, Son Dog 2, Homeward 3. Also started—Southern Cross, Ringman, and Storm. Won by a neck. Time, 3min 25sec.

Burnside Handicap, six furlongs.—Full Sail 1, Lord Clutha 2, Feodor 3. Also started—Vologda, Spinning Flight, Aujaber, Lord Rosebery, Blue Bill, and Simon Pure. Won by two lengths. Time, 1min 19sec.

Forbury Handicap, one mile.—Cymrifros 1, Office Girl 2, Astrawise 3. Also started—Paragon, Stradagem and Apollodorus. Won by two lengths. Time 1min 45sec.

Dominion Handicap, four furlongs.—Martyne 1, Soldier's Chorus 2, Martino 3.

Shorts Handicap, five furlongs.—San Severo 1, Silkweb 2, Lupulin 3.

Kaikorai Handicap, five furlongs.—Cadaloe 1, Vologda 2, Oneroi 3.

Telegraph Welter, seven furlongs.—Czar Kolohol 1, Spinning Flight 2, Linda 3.

IF YOU HAVE

A Cough, Cold, Nose, Throat or Lung Trouble, Stomach, Bowel or Liver Complaint, Rheumatism, Neuralgia, USE SANDER'S EUCALYPTI EXTRACT, 6 drops on a tablespoon water. Remember, you cannot expect the good effects from any sort of Eucalyptus. SANDER'S EXTRACT OF CIES (Sanders) is the pure essential oil, and all the virtuous and antiseptic substances not contained in other Eucalyptus products. These latter, made to procure ignorant chemists, and provided with fancy names and labels by trading concerns who do not know what they contain, have caused poisonous harm, and a death has resulted from their use.

Do not apply an ointment to a sore! It stops heal the secretion. To exude, soothe, heal, relieve, strain, eczema and other skin troubles APPLY SANDER'S EXTRACT—it dries in a tablespoon of olive oil. The effect without the application is more certain than that of any ointment. SANDER'S EXTRACT heals; because it is free from the irritating caustic acids contained in other Eucalyptus preparations. It heals when others irritate. Insist upon the GENUINE SANDER'S EUCALYPTI EXTRACT, and you will derive one benefit.
